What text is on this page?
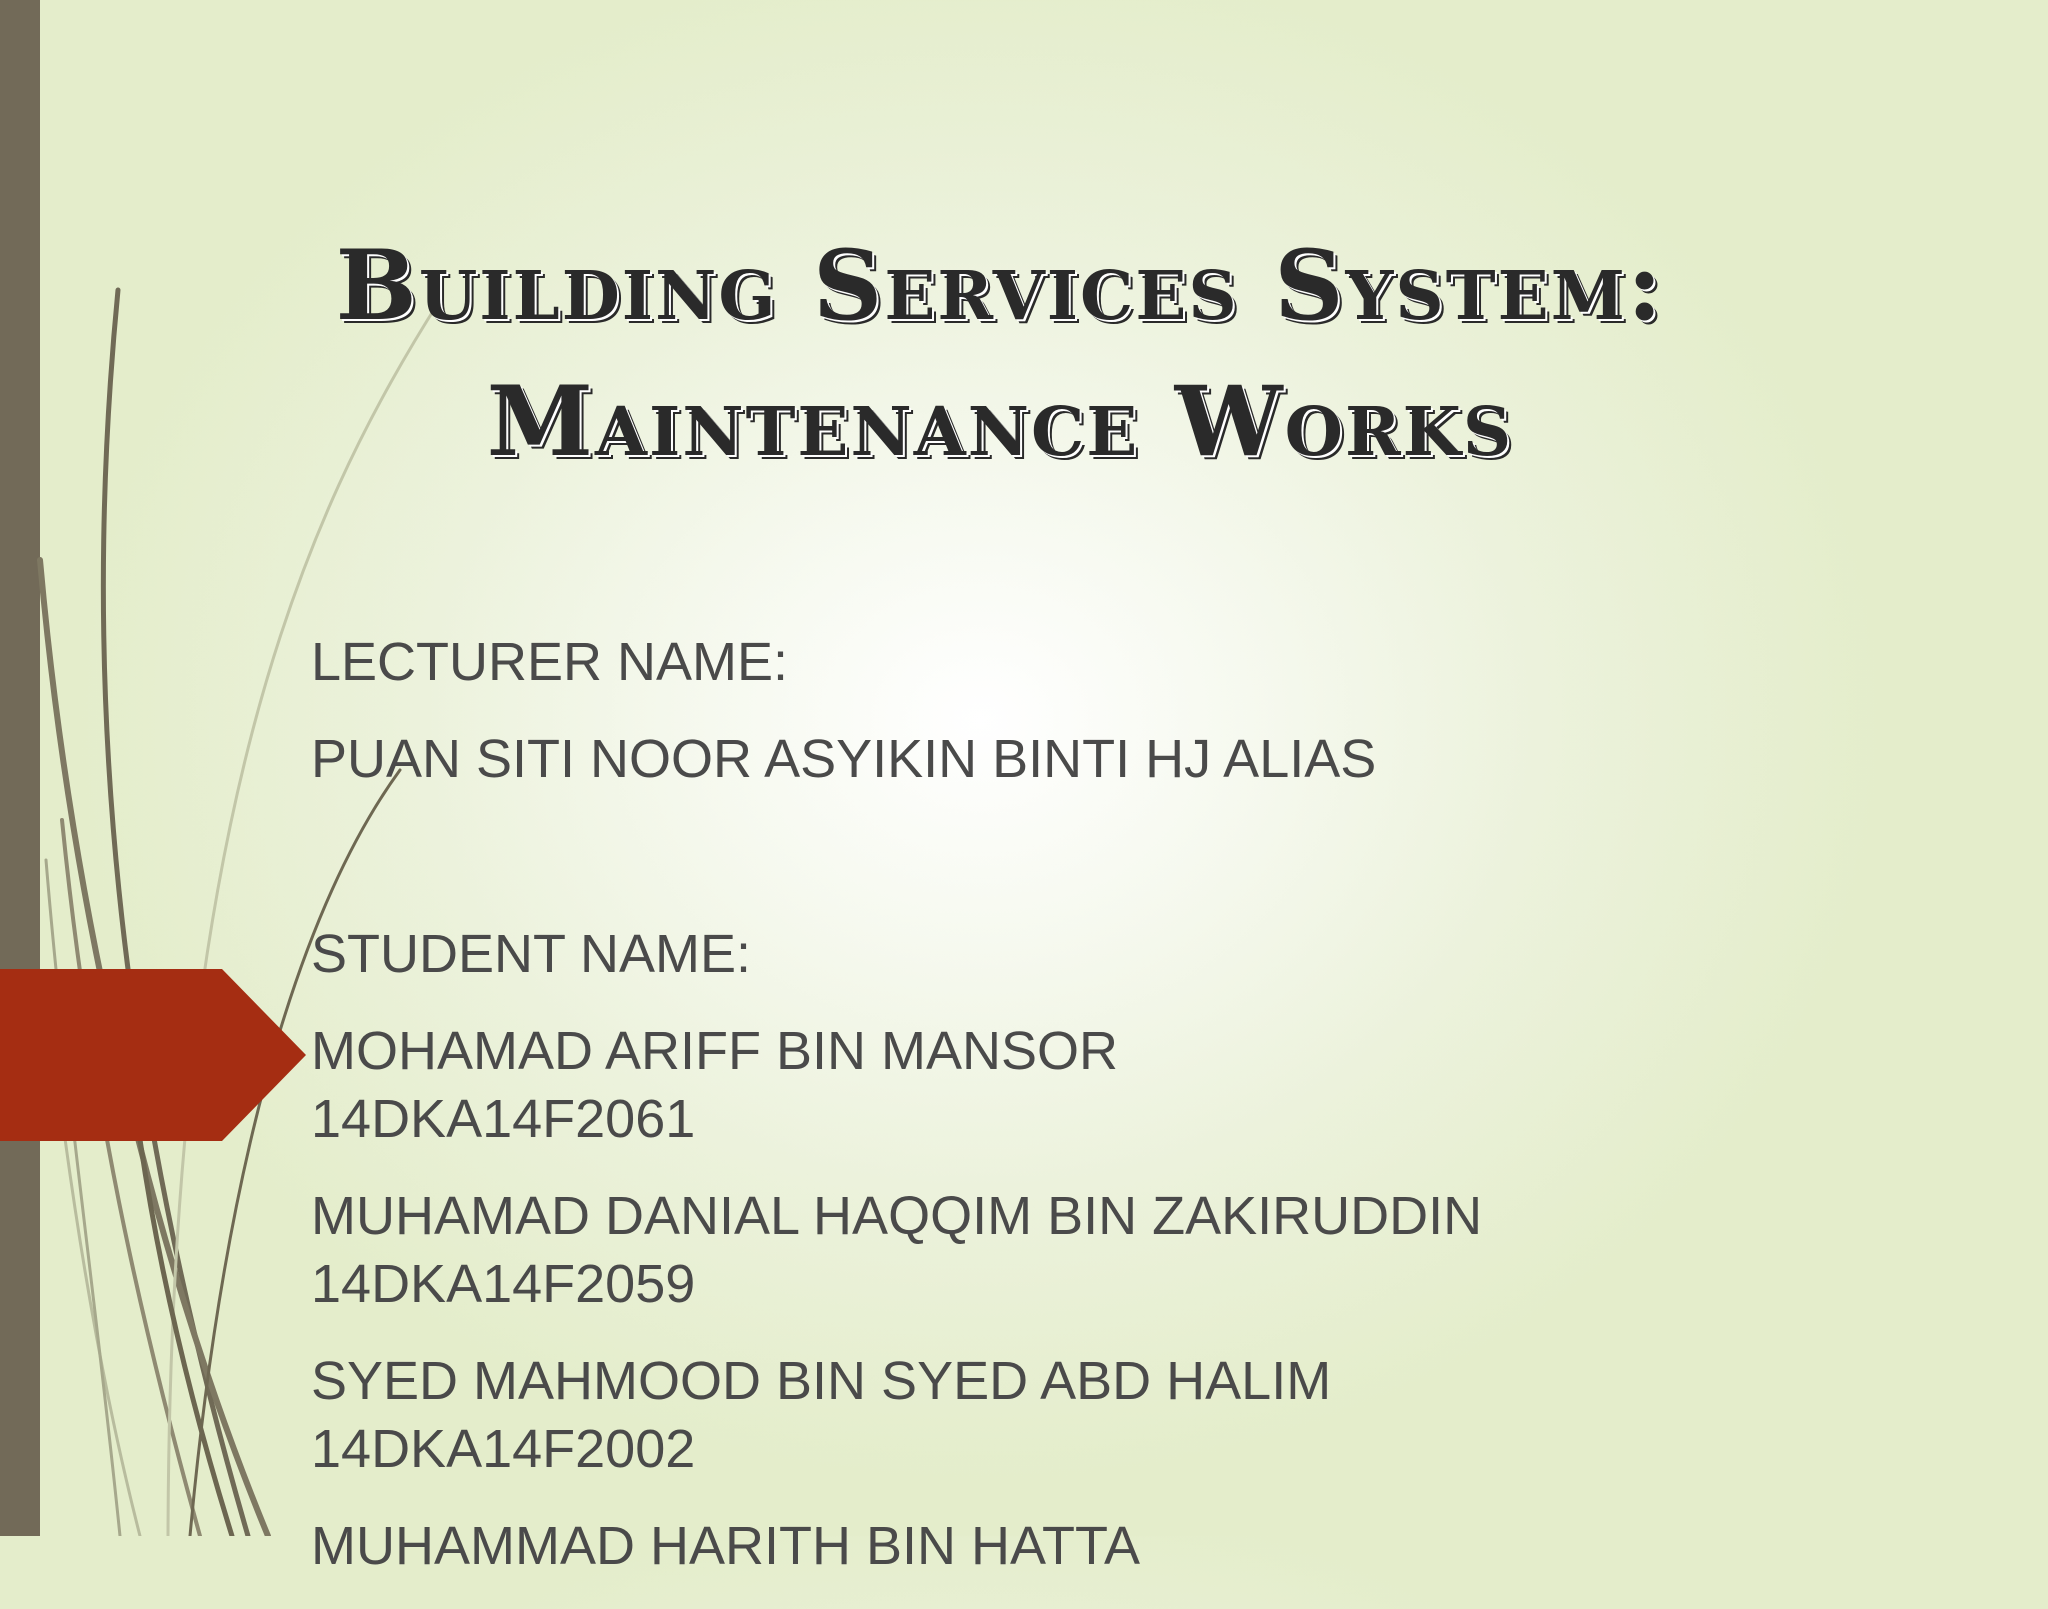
Building Services System:
Maintenance Works
LECTURER NAME:
PUAN SITI NOOR ASYIKIN BINTI HJ ALIAS
STUDENT NAME:
MOHAMAD ARIFF BIN MANSOR
14DKA14F2061
MUHAMAD DANIAL HAQQIM BIN ZAKIRUDDIN
14DKA14F2059
SYED MAHMOOD BIN SYED ABD HALIM
14DKA14F2002
MUHAMMAD HARITH BIN HATTA
